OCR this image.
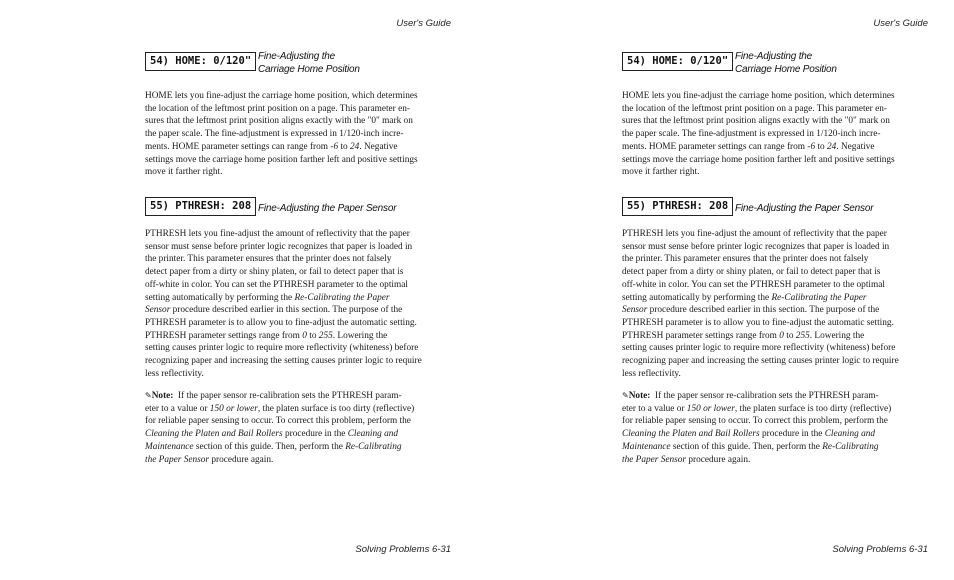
User's Guide
54) HOME: 0/120" Fine-Adjusting the
Carriage Home Position
HOME lets you fine-adjust the carriage home position, which determines
the location of the leftmost print position on a page. This parameter en-
sures that the leftmost print position aligns exactly with the "0" mark on
the paper scale. The fine-adjustment is expressed in 1/120-inch incre-
ments. HOME parameter settings can range from -6 to 24. Negative
settings move the carriage home position farther left and positive settings
move it farther right.
55) PTHRESH: 208 Fine-Adjusting the Paper Sensor
PTHRESH lets you fine-adjust the amount of reflectivity that the paper
sensor must sense before printer logic recognizes that paper is loaded in
the printer. This parameter ensures that the printer does not falsely
detect paper from a dirty or shiny platen, or fail to detect paper that is
off-white in color. You can set the PTHRESH parameter to the optimal
setting automatically by performing the Re-Calibrating the Paper
Sensor procedure described earlier in this section. The purpose of the
PTHRESH parameter is to allow you to fine-adjust the automatic setting.
PTHRESH parameter settings range from 0 to 255. Lowering the
setting causes printer logic to require more reflectivity (whiteness) before
recognizing paper and increasing the setting causes printer logic to require
less reflectivity.
✎Note: If the paper sensor re-calibration sets the PTHRESH param-
eter to a value or 150 or lower, the platen surface is too dirty (reflective)
for reliable paper sensing to occur. To correct this problem, perform the
Cleaning the Platen and Bail Rollers procedure in the Cleaning and
Maintenance section of this guide. Then, perform the Re-Calibrating
the Paper Sensor procedure again.
Solving Problems 6-31
User's Guide
54) HOME: 0/120" Fine-Adjusting the
Carriage Home Position
HOME lets you fine-adjust the carriage home position, which determines
the location of the leftmost print position on a page. This parameter en-
sures that the leftmost print position aligns exactly with the "0" mark on
the paper scale. The fine-adjustment is expressed in 1/120-inch incre-
ments. HOME parameter settings can range from -6 to 24. Negative
settings move the carriage home position farther left and positive settings
move it farther right.
55) PTHRESH: 208 Fine-Adjusting the Paper Sensor
PTHRESH lets you fine-adjust the amount of reflectivity that the paper
sensor must sense before printer logic recognizes that paper is loaded in
the printer. This parameter ensures that the printer does not falsely
detect paper from a dirty or shiny platen, or fail to detect paper that is
off-white in color. You can set the PTHRESH parameter to the optimal
setting automatically by performing the Re-Calibrating the Paper
Sensor procedure described earlier in this section. The purpose of the
PTHRESH parameter is to allow you to fine-adjust the automatic setting.
PTHRESH parameter settings range from 0 to 255. Lowering the
setting causes printer logic to require more reflectivity (whiteness) before
recognizing paper and increasing the setting causes printer logic to require
less reflectivity.
✎Note: If the paper sensor re-calibration sets the PTHRESH param-
eter to a value or 150 or lower, the platen surface is too dirty (reflective)
for reliable paper sensing to occur. To correct this problem, perform the
Cleaning the Platen and Bail Rollers procedure in the Cleaning and
Maintenance section of this guide. Then, perform the Re-Calibrating
the Paper Sensor procedure again.
Solving Problems 6-31
